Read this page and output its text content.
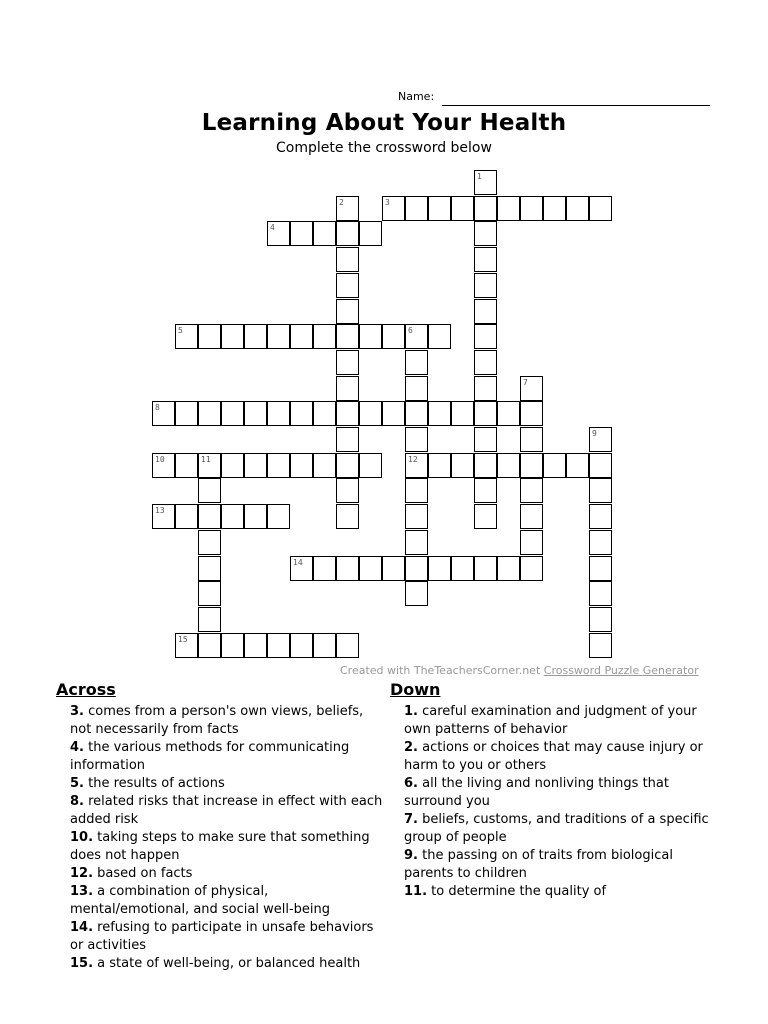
Name:
Learning About Your Health
Complete the crossword below
1
2	3
4
5	6
12
7
8
9
10	11
13
14
15
Created with TheTeachersCorner.net Crossword Puzzle Generator
Across
3. comes from a person's own views, beliefs, not necessarily from facts
4. the various methods for communicating information
5. the results of actions
8. related risks that increase in effect with each added risk
10. taking steps to make sure that something does not happen
12. based on facts
13. a combination of physical, mental/emotional, and social well-being
14. refusing to participate in unsafe behaviors or activities
15. a state of well-being, or balanced health
Down
1. careful examination and judgment of your own patterns of behavior
2. actions or choices that may cause injury or harm to you or others
6. all the living and nonliving things that surround you
7. beliefs, customs, and traditions of a specific group of people
9. the passing on of traits from biological parents to children
11. to determine the quality of
